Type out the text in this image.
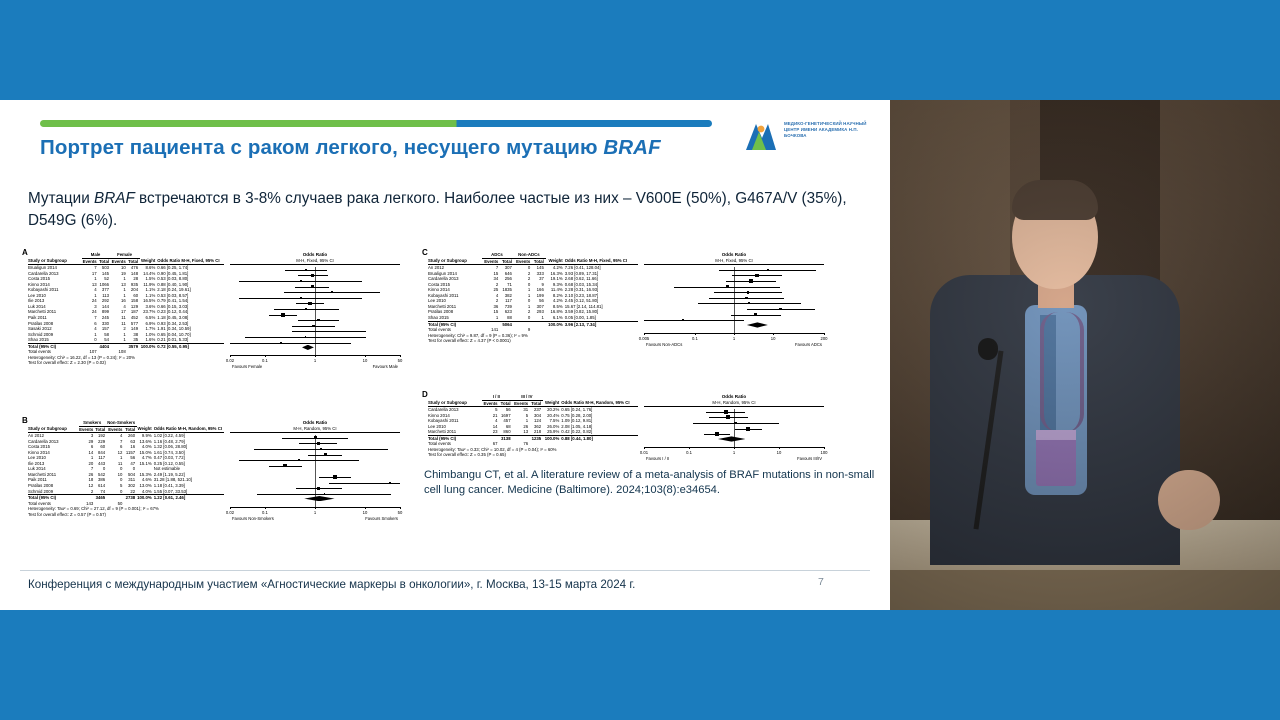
МЕДИКО-ГЕНЕТИЧЕСКИЙ НАУЧНЫЙ ЦЕНТР ИМЕНИ АКАДЕМИКА Н.П. БОЧКОВА
Портрет пациента с раком легкого, несущего мутацию BRAF
Мутации BRAF встречаются в 3-8% случаев рака легкого. Наиболее частые из них – V600E (50%), G467A/V (35%), D549G (6%).
A
B
C
D
	Male		Female			
Study or Subgroup	Events	Total	Events	Total	Weight	Odds Ratio M-H, Fixed, 95% CI
Brualigun 2014	7	503	10	476	8.6%	0.66 [0.25, 1.74]
Cardarella 2013	17	145	19	148	14.4%	0.90 [0.45, 1.81]
Costa 2015	1	52	1	28	1.5%	0.53 [0.03, 8.80]
Kinno 2014	13	1066	13	935	11.9%	0.88 [0.40, 1.90]
Kobayashi 2011	4	377	1	204	1.1%	2.18 [0.24, 19.61]
Lee 2010	1	113	1	60	1.1%	0.53 [0.03, 8.57]
Ilie 2013	24	292	16	158	16.5%	0.79 [0.41, 1.54]
Luk 2014	3	144	4	129	3.6%	0.66 [0.15, 3.03]
Marchetti 2011	24	899	17	187	23.7%	0.23 [0.12, 0.44]
Paik 2011	7	245	11	452	6.5%	1.18 [0.45, 3.08]
Pratilas 2008	6	330	11	577	6.9%	0.93 [0.34, 2.53]
Sasaki 2012	4	157	2	149	1.7%	1.91 [0.34, 10.59]
Schmid 2009	1	58	1	38	1.0%	0.65 [0.04, 10.70]
Shao 2015	0	54	1	35	1.6%	0.21 [0.01, 5.33]
Total (95% CI)		4404		3579	100.0%	0.72 [0.55, 0.95]
Total events	107		108			
Heterogeneity: Chi² = 16.22, df = 13 (P = 0.24); I² = 20%						
Test for overall effect: Z = 2.30 (P = 0.02)						
Odds Ratio
M-H, Fixed, 95% CI
0.02	0.1	1	10	50
Favours Female	Favours Male
	Smokers		Non-Smokers			
Study or Subgroup	Events	Total	Events	Total	Weight	Odds Ratio M-H, Random, 95% CI
An 2012	3	192	4	260	9.9%	1.02 [0.22, 4.59]
Cardarella 2013	29	229	7	63	13.6%	1.16 [0.48, 2.79]
Costa 2015	6	60	6	16	4.0%	1.32 [0.06, 28.80]
Kinno 2014	14	844	12	1157	15.0%	1.61 [0.74, 3.50]
Lee 2010	1	117	1	56	4.7%	0.47 [0.03, 7.72]
Ilie 2013	20	443	11	47	15.1%	0.25 [0.12, 0.55]
Luk 2014	7	0	0	0		Not estimable
Marchetti 2011	26	542	10	504	15.3%	2.49 [1.19, 5.22]
Paik 2011	18	386	0	311	4.6%	31.28 [1.88, 521.10]
Pratilas 2008	12	614	5	302	13.0%	1.18 [0.41, 3.39]
Schmid 2009	2	74	0	22	4.0%	1.55 [0.07, 33.53]
Total (95% CI)		3465		2738	100.0%	1.22 [0.61, 2.46]
Total events	143		50			
Heterogeneity: Tau² = 0.69; Chi² = 27.12, df = 9 (P = 0.001); I² = 67%						
Test for overall effect: Z = 0.57 (P = 0.57)						
Odds Ratio
M-H, Random, 95% CI
0.02	0.1	1	10	50
Favours Non-Smokers	Favours Smokers
	ADCs		Non-ADCs			
Study or Subgroup	Events	Total	Events	Total	Weight	Odds Ratio M-H, Fixed, 95% CI
An 2012	7	307	0	145	4.2%	7.26 [0.41, 128.04]
Brualigun 2014	15	646	2	333	16.3%	3.93 [0.89, 17.31]
Cardarella 2013	34	256	2	37	19.1%	2.68 [0.62, 11.66]
Costa 2015	2	71	0	9	9.3%	0.68 [0.03, 15.34]
Kinno 2014	25	1835	1	166	11.4%	2.28 [0.31, 16.93]
Kobayashi 2011	4	382	1	199	8.2%	2.10 [0.23, 18.87]
Lee 2010	2	117	0	56	4.2%	2.45 [0.12, 51.80]
Marchetti 2011	36	739	1	307	8.5%	15.67 [2.14, 114.81]
Pratilas 2008	15	623	2	293	16.8%	3.59 [0.82, 15.80]
Shao 2015	1	88	0	1	6.1%	0.05 [0.00, 1.85]
Total (95% CI)		5064			100.0%	3.96 [2.13, 7.34]
Total events	141		9			
Heterogeneity: Chi² = 9.87, df = 9 (P = 0.36); I² = 9%						
Test for overall effect: Z = 4.37 (P < 0.0001)						
Odds Ratio
M-H, Fixed, 95% CI
0.005	0.1	1	10	200
Favours Non-ADCs	Favours ADCs
	I / II		III / IV			
Study or Subgroup	Events	Total	Events	Total	Weight	Odds Ratio M-H, Random, 95% CI
Cardarella 2013	5	56	31	237	20.2%	0.65 [0.24, 1.76]
Kinno 2014	21	1697	5	304	20.4%	0.75 [0.28, 2.00]
Kobayashi 2011	4	457	1	124	7.5%	1.09 [0.12, 9.81]
Lee 2010	14	68	26	362	26.0%	2.08 [1.05, 4.18]
Marchetti 2011	23	860	13	218	25.9%	0.42 [0.22, 0.82]
Total (95% CI)		3138		1235	100.0%	0.88 [0.44, 1.80]
Total events	67		76			
Heterogeneity: Tau² = 0.33; Chi² = 10.02, df = 4 (P = 0.04); I² = 60%						
Test for overall effect: Z = 0.35 (P = 0.65)						
Odds Ratio
M-H, Random, 95% CI
0.01	0.1	1	10	100
Favours I / II	Favours III/IV
Chimbangu CT, et al. A literature review of a meta-analysis of BRAF mutations in non-small cell lung cancer. Medicine (Baltimore). 2024;103(8):e34654.
Конференция с международным участием «Агностические маркеры в онкологии», г. Москва, 13-15 марта 2024 г.	7
